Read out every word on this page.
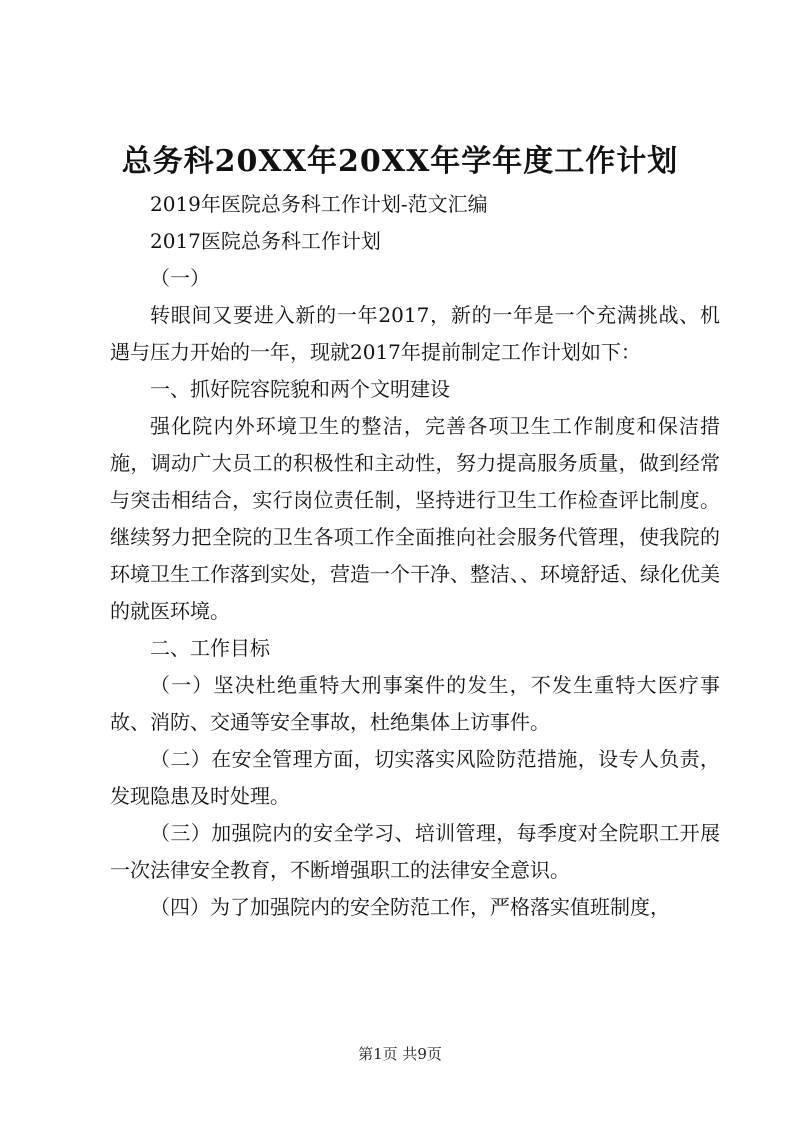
总务科20XX年20XX年学年度工作计划

2019年医院总务科工作计划-范文汇编

2017医院总务科工作计划

（一）

转眼间又要进入新的一年2017，新的一年是一个充满挑战、机遇与压力开始的一年，现就2017年提前制定工作计划如下：

一、抓好院容院貌和两个文明建设

强化院内外环境卫生的整洁，完善各项卫生工作制度和保洁措施，调动广大员工的积极性和主动性，努力提高服务质量，做到经常与突击相结合，实行岗位责任制，坚持进行卫生工作检查评比制度。继续努力把全院的卫生各项工作全面推向社会服务代管理，使我院的环境卫生工作落到实处，营造一个干净、整洁、、环境舒适、绿化优美的就医环境。

二、工作目标

（一）坚决杜绝重特大刑事案件的发生，不发生重特大医疗事故、消防、交通等安全事故，杜绝集体上访事件。

（二）在安全管理方面，切实落实风险防范措施，设专人负责，发现隐患及时处理。

（三）加强院内的安全学习、培训管理，每季度对全院职工开展一次法律安全教育，不断增强职工的法律安全意识。

（四）为了加强院内的安全防范工作，严格落实值班制度，

第1页 共9页
